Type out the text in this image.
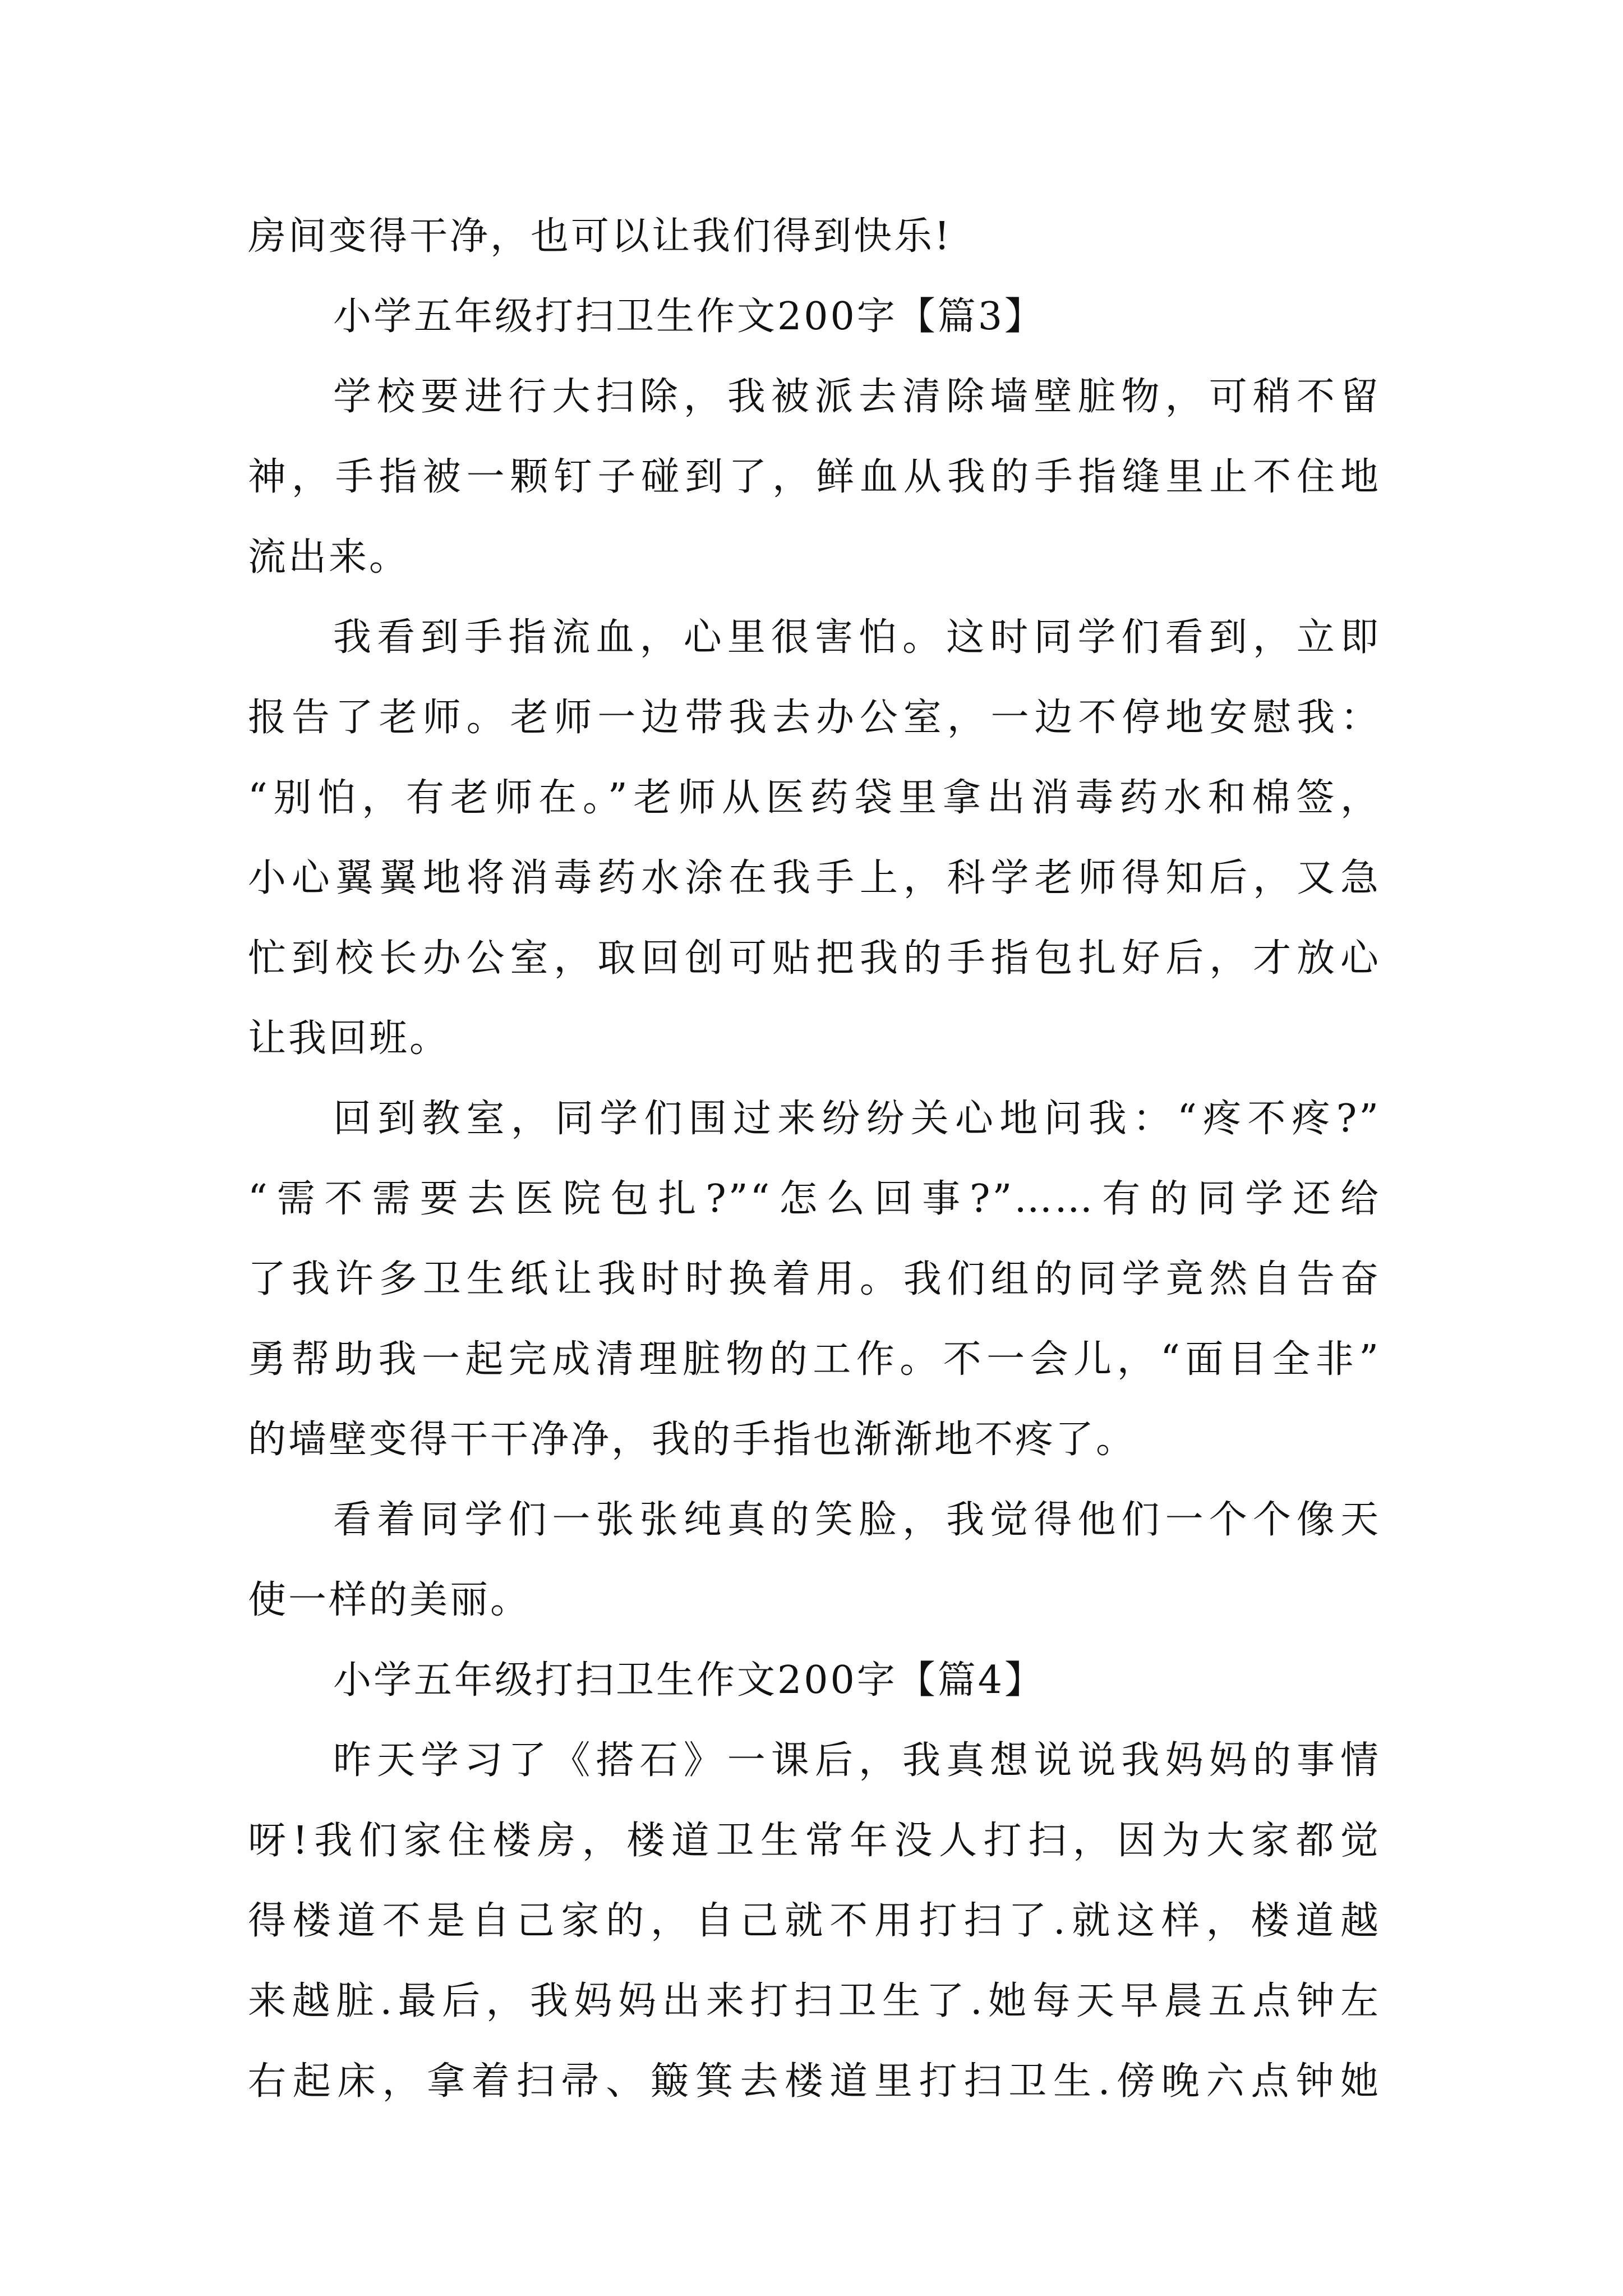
房间变得干净，也可以让我们得到快乐!
小学五年级打扫卫生作文200字【篇3】
学校要进行大扫除，我被派去清除墙壁脏物，可稍不留
神，手指被一颗钉子碰到了，鲜血从我的手指缝里止不住地
流出来。
我看到手指流血，心里很害怕。这时同学们看到，立即
报告了老师。老师一边带我去办公室，一边不停地安慰我：
“别怕，有老师在。”老师从医药袋里拿出消毒药水和棉签，
小心翼翼地将消毒药水涂在我手上，科学老师得知后，又急
忙到校长办公室，取回创可贴把我的手指包扎好后，才放心
让我回班。
回到教室，同学们围过来纷纷关心地问我：“疼不疼?”
“需不需要去医院包扎?”“怎么回事?”……有的同学还给
了我许多卫生纸让我时时换着用。我们组的同学竟然自告奋
勇帮助我一起完成清理脏物的工作。不一会儿，“面目全非”
的墙壁变得干干净净，我的手指也渐渐地不疼了。
看着同学们一张张纯真的笑脸，我觉得他们一个个像天
使一样的美丽。
小学五年级打扫卫生作文200字【篇4】
昨天学习了《搭石》一课后，我真想说说我妈妈的事情
呀!我们家住楼房，楼道卫生常年没人打扫，因为大家都觉
得楼道不是自己家的，自己就不用打扫了.就这样，楼道越
来越脏.最后，我妈妈出来打扫卫生了.她每天早晨五点钟左
右起床，拿着扫帚、簸箕去楼道里打扫卫生.傍晚六点钟她
